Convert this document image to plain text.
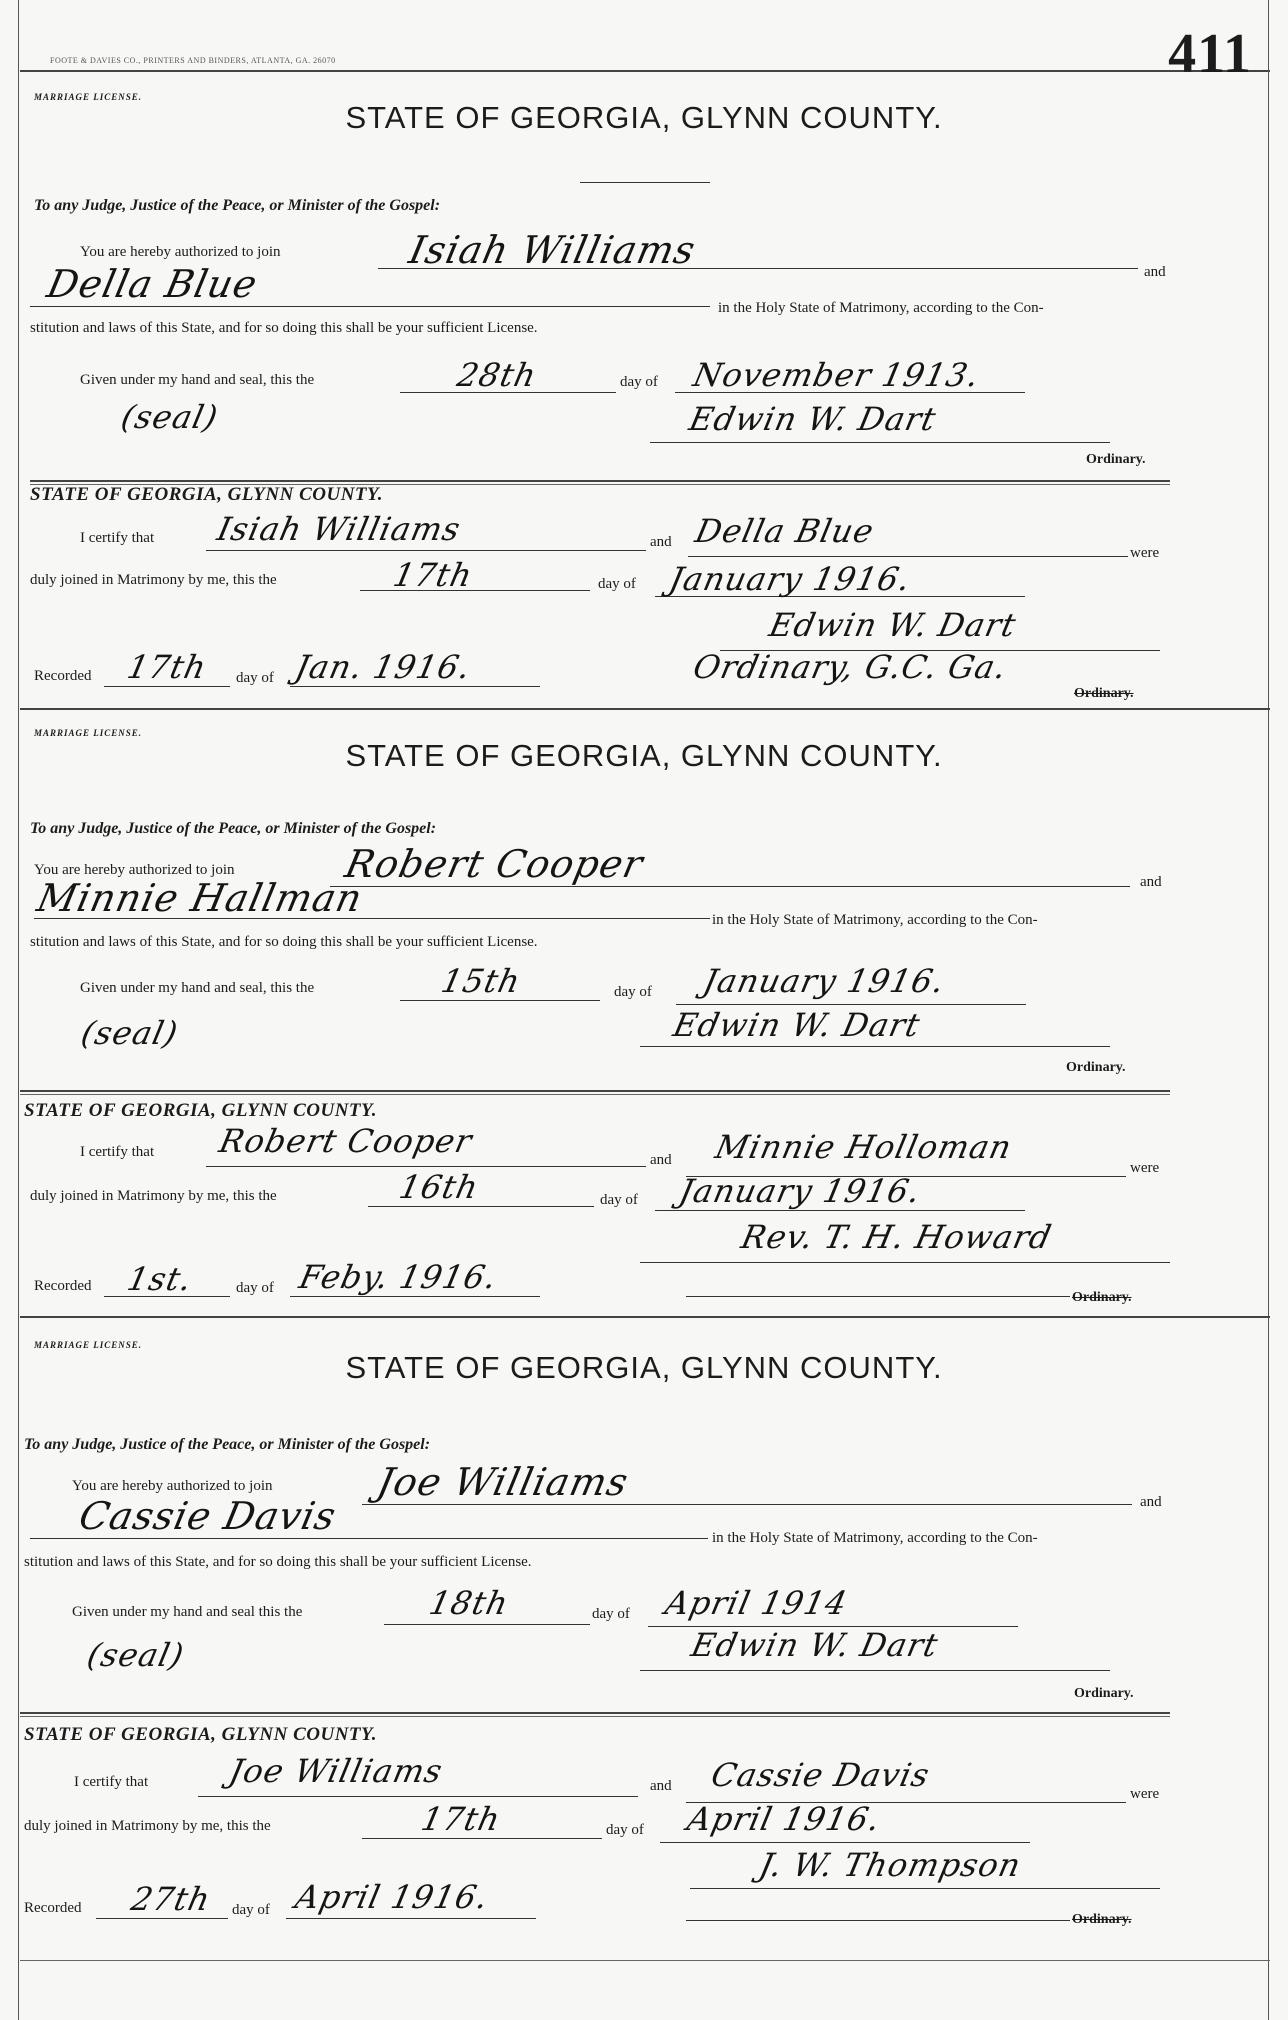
411
FOOTE & DAVIES CO., PRINTERS AND BINDERS, ATLANTA, GA. 26070
MARRIAGE LICENSE.
STATE OF GEORGIA, GLYNN COUNTY.
To any Judge, Justice of the Peace, or Minister of the Gospel:
You are hereby authorized to join	Isiah Williams	and
Della Blue
in the Holy State of Matrimony, according to the Con-
stitution and laws of this State, and for so doing this shall be your sufficient License.
Given under my hand and seal, this the	28th	day of November 1913.
(seal)	Edwin W. Dart
Ordinary.
STATE OF GEORGIA, GLYNN COUNTY.
I certify that Isiah Williams	and Della Blue
were
duly joined in Matrimony by me, this the	17th	day of January 1916.
Edwin W. Dart
Recorded 17th day of Jan. 1916.	Ordinary, G.C. Ga.
Ordinary.
MARRIAGE LICENSE.
STATE OF GEORGIA, GLYNN COUNTY.
To any Judge, Justice of the Peace, or Minister of the Gospel:
You are hereby authorized to join	Robert Cooper	and
Minnie Hallman	in the Holy State of Matrimony, according to the Con-
stitution and laws of this State, and for so doing this shall be your sufficient License.
Given under my hand and seal, this the	15th	day of January 1916.
(seal)	Edwin W. Dart
Ordinary.
STATE OF GEORGIA, GLYNN COUNTY.
I certify that Robert Cooper	and Minnie Holloman
were
duly joined in Matrimony by me, this the	16th	day of January 1916.
Rev. T. H. Howard
Recorded 1st.	day of Feby. 1916.
Ordinary.
MARRIAGE LICENSE.
STATE OF GEORGIA, GLYNN COUNTY.
To any Judge, Justice of the Peace, or Minister of the Gospel:
You are hereby authorized to join	Joe Williams	and
Cassie Davis	in the Holy State of Matrimony, according to the Con-
stitution and laws of this State, and for so doing this shall be your sufficient License.
Given under my hand and seal this the	18th	day of April 1914
(seal)	Edwin W. Dart
Ordinary.
STATE OF GEORGIA, GLYNN COUNTY.
I certify that Joe Williams	and Cassie Davis	were
duly joined in Matrimony by me, this the	17th	day of April 1916.
J. W. Thompson
Recorded 27th day of April 1916.
Ordinary.
